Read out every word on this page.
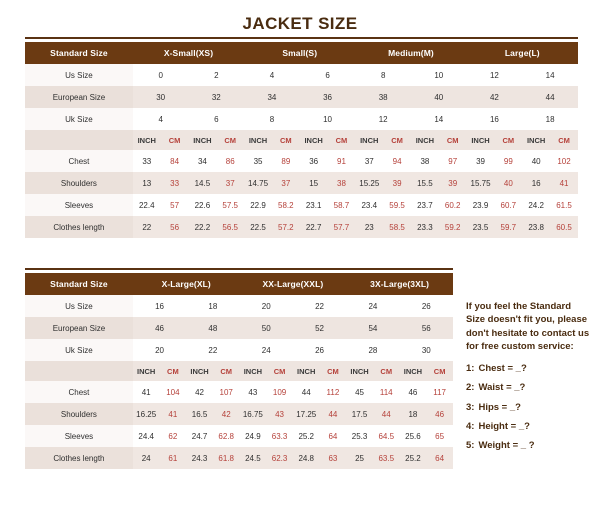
JACKET SIZE
Standard Size	X-Small(XS)				Small(S)				Medium(M)				Large(L)			
Us Size	0		2		4		6		8		10		12		14	
European Size	30		32		34		36		38		40		42		44	
Uk Size	4		6		8		10		12		14		16		18	
	INCH	CM	INCH	CM	INCH	CM	INCH	CM	INCH	CM	INCH	CM	INCH	CM	INCH	CM
Chest	33	84	34	86	35	89	36	91	37	94	38	97	39	99	40	102
Shoulders	13	33	14.5	37	14.75	37	15	38	15.25	39	15.5	39	15.75	40	16	41
Sleeves	22.4	57	22.6	57.5	22.9	58.2	23.1	58.7	23.4	59.5	23.7	60.2	23.9	60.7	24.2	61.5
Clothes length	22	56	22.2	56.5	22.5	57.2	22.7	57.7	23	58.5	23.3	59.2	23.5	59.7	23.8	60.5
Standard Size	X-Large(XL)				XX-Large(XXL)				3X-Large(3XL)			
Us Size	16		18		20		22		24		26	
European Size	46		48		50		52		54		56	
Uk Size	20		22		24		26		28		30	
	INCH	CM	INCH	CM	INCH	CM	INCH	CM	INCH	CM	INCH	CM
Chest	41	104	42	107	43	109	44	112	45	114	46	117
Shoulders	16.25	41	16.5	42	16.75	43	17.25	44	17.5	44	18	46
Sleeves	24.4	62	24.7	62.8	24.9	63.3	25.2	64	25.3	64.5	25.6	65
Clothes length	24	61	24.3	61.8	24.5	62.3	24.8	63	25	63.5	25.2	64
If you feel the Standard Size doesn't fit you, please don't hesitate to contact us for free custom service:
1: Chest = _?
2: Waist = _?
3: Hips = _?
4: Height = _?
5: Weight = _ ?
